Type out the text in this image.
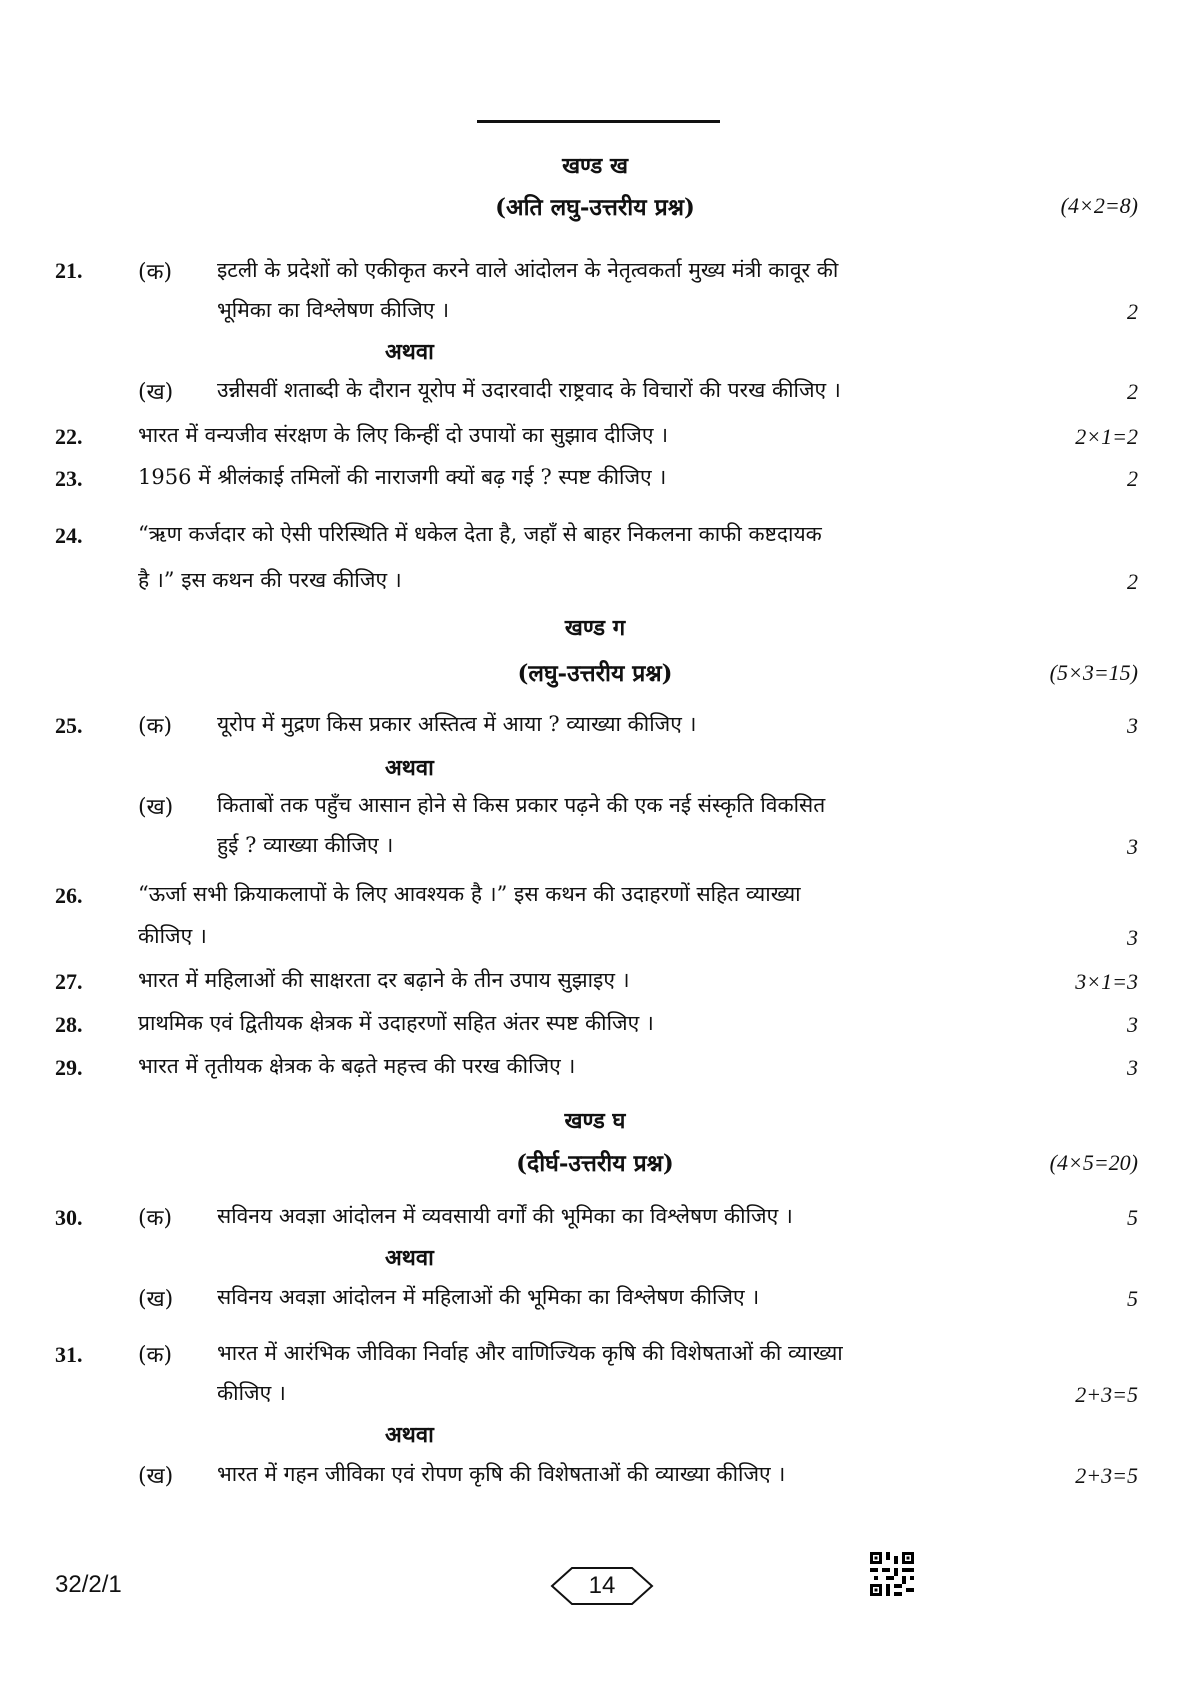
खण्ड ख
(अति लघु-उत्तरीय प्रश्न)	(4×2=8)
21.	(क) इटली के प्रदेशों को एकीकृत करने वाले आंदोलन के नेतृत्वकर्ता मुख्य मंत्री कावूर की
भूमिका का विश्लेषण कीजिए ।	2
अथवा
(ख) उन्नीसवीं शताब्दी के दौरान यूरोप में उदारवादी राष्ट्रवाद के विचारों की परख कीजिए ।	2
22.	भारत में वन्यजीव संरक्षण के लिए किन्हीं दो उपायों का सुझाव दीजिए ।	2×1=2
23.	1956 में श्रीलंकाई तमिलों की नाराजगी क्यों बढ़ गई ? स्पष्ट कीजिए ।	2
24.	“ऋण कर्जदार को ऐसी परिस्थिति में धकेल देता है, जहाँ से बाहर निकलना काफी कष्टदायक
है ।” इस कथन की परख कीजिए ।	2
खण्ड ग
(लघु-उत्तरीय प्रश्न)	(5×3=15)
25.	(क) यूरोप में मुद्रण किस प्रकार अस्तित्व में आया ? व्याख्या कीजिए ।	3
अथवा
(ख) किताबों तक पहुँच आसान होने से किस प्रकार पढ़ने की एक नई संस्कृति विकसित
हुई ? व्याख्या कीजिए ।	3
26.	“ऊर्जा सभी क्रियाकलापों के लिए आवश्यक है ।” इस कथन की उदाहरणों सहित व्याख्या
कीजिए ।	3
27.	भारत में महिलाओं की साक्षरता दर बढ़ाने के तीन उपाय सुझाइए ।	3×1=3
28.	प्राथमिक एवं द्वितीयक क्षेत्रक में उदाहरणों सहित अंतर स्पष्ट कीजिए ।	3
29.	भारत में तृतीयक क्षेत्रक के बढ़ते महत्त्व की परख कीजिए ।	3
खण्ड घ
(दीर्घ-उत्तरीय प्रश्न)	(4×5=20)
30.	(क) सविनय अवज्ञा आंदोलन में व्यवसायी वर्गों की भूमिका का विश्लेषण कीजिए ।	5
अथवा
(ख) सविनय अवज्ञा आंदोलन में महिलाओं की भूमिका का विश्लेषण कीजिए ।	5
31.	(क) भारत में आरंभिक जीविका निर्वाह और वाणिज्यिक कृषि की विशेषताओं की व्याख्या
कीजिए ।	2+3=5
अथवा
(ख) भारत में गहन जीविका एवं रोपण कृषि की विशेषताओं की व्याख्या कीजिए ।	2+3=5
32/2/1	14
